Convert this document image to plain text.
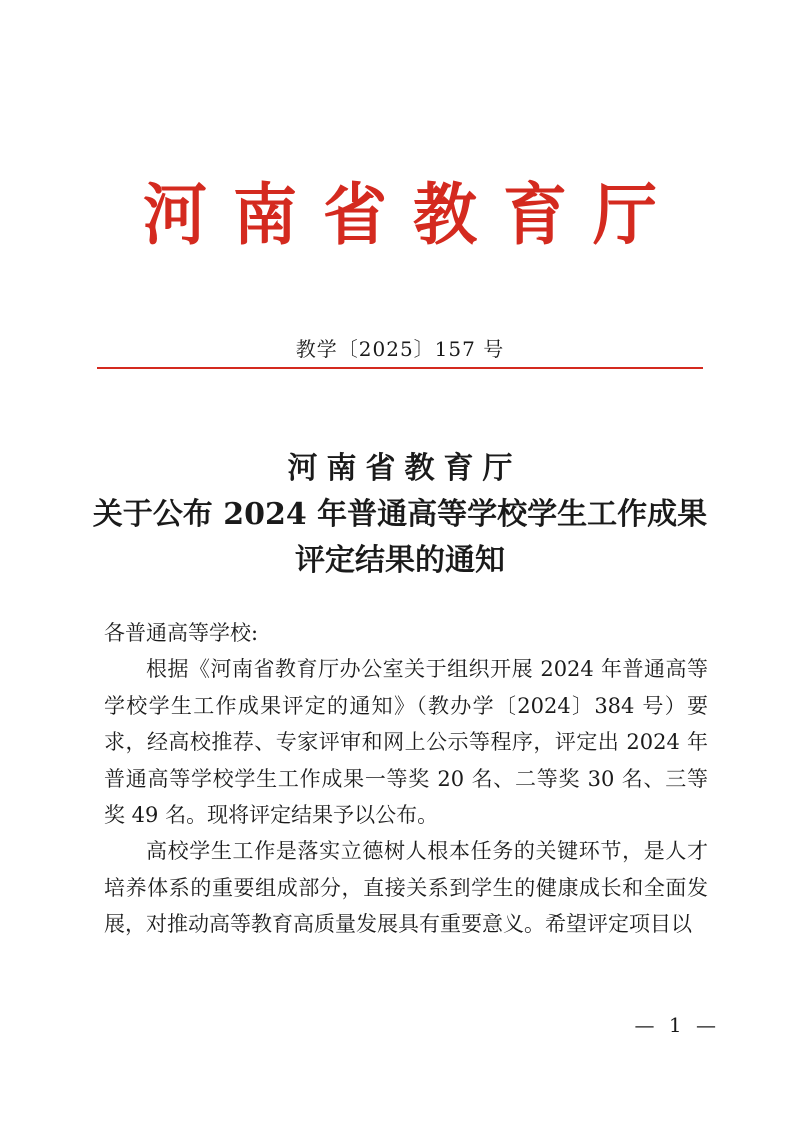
河南省教育厅
教学〔2025〕157 号
河南省教育厅
关于公布 2024 年普通高等学校学生工作成果
评定结果的通知

各普通高等学校:

根据《河南省教育厅办公室关于组织开展 2024 年普通高等学校学生工作成果评定的通知》（教办学〔2024〕384 号）要求，经高校推荐、专家评审和网上公示等程序，评定出 2024 年普通高等学校学生工作成果一等奖 20 名、二等奖 30 名、三等奖 49 名。现将评定结果予以公布。

高校学生工作是落实立德树人根本任务的关键环节，是人才培养体系的重要组成部分，直接关系到学生的健康成长和全面发展，对推动高等教育高质量发展具有重要意义。希望评定项目以

— 1 —
